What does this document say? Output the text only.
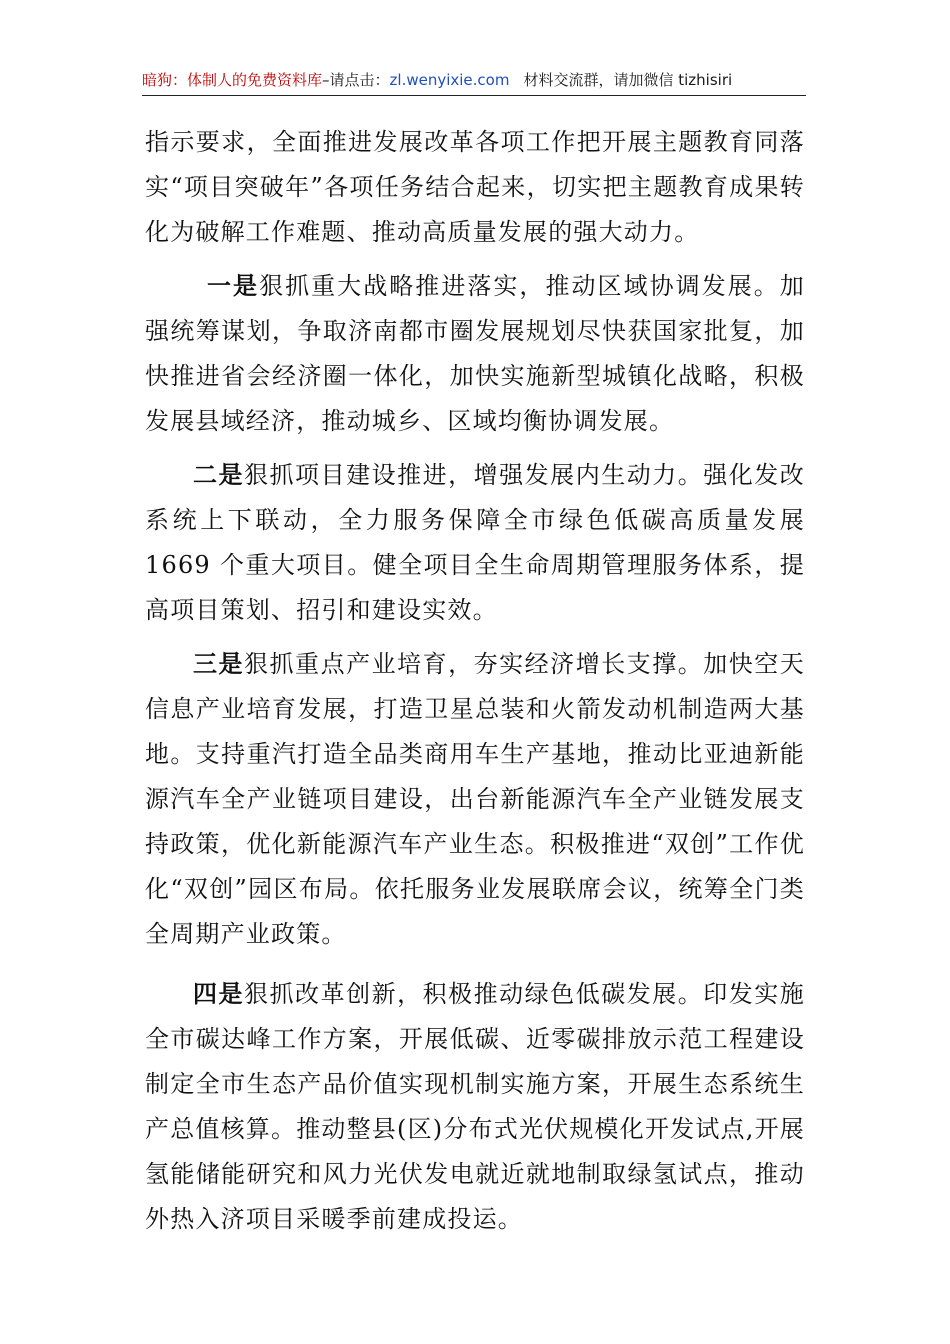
暗狗：体制人的免费资料库–请点击：zl.wenyixie.com 材料交流群，请加微信 tizhisiri

指示要求，全面推进发展改革各项工作把开展主题教育同落实“项目突破年”各项任务结合起来，切实把主题教育成果转化为破解工作难题、推动高质量发展的强大动力。

一是狠抓重大战略推进落实，推动区域协调发展。加强统筹谋划，争取济南都市圈发展规划尽快获国家批复，加快推进省会经济圈一体化，加快实施新型城镇化战略，积极发展县域经济，推动城乡、区域均衡协调发展。

二是狠抓项目建设推进，增强发展内生动力。强化发改系统上下联动，全力服务保障全市绿色低碳高质量发展 1669 个重大项目。健全项目全生命周期管理服务体系，提高项目策划、招引和建设实效。

三是狠抓重点产业培育，夯实经济增长支撑。加快空天信息产业培育发展，打造卫星总装和火箭发动机制造两大基地。支持重汽打造全品类商用车生产基地，推动比亚迪新能源汽车全产业链项目建设，出台新能源汽车全产业链发展支持政策，优化新能源汽车产业生态。积极推进“双创”工作优化“双创”园区布局。依托服务业发展联席会议，统筹全门类全周期产业政策。

四是狠抓改革创新，积极推动绿色低碳发展。印发实施全市碳达峰工作方案，开展低碳、近零碳排放示范工程建设制定全市生态产品价值实现机制实施方案，开展生态系统生产总值核算。推动整县(区)分布式光伏规模化开发试点,开展氢能储能研究和风力光伏发电就近就地制取绿氢试点，推动外热入济项目采暖季前建成投运。
